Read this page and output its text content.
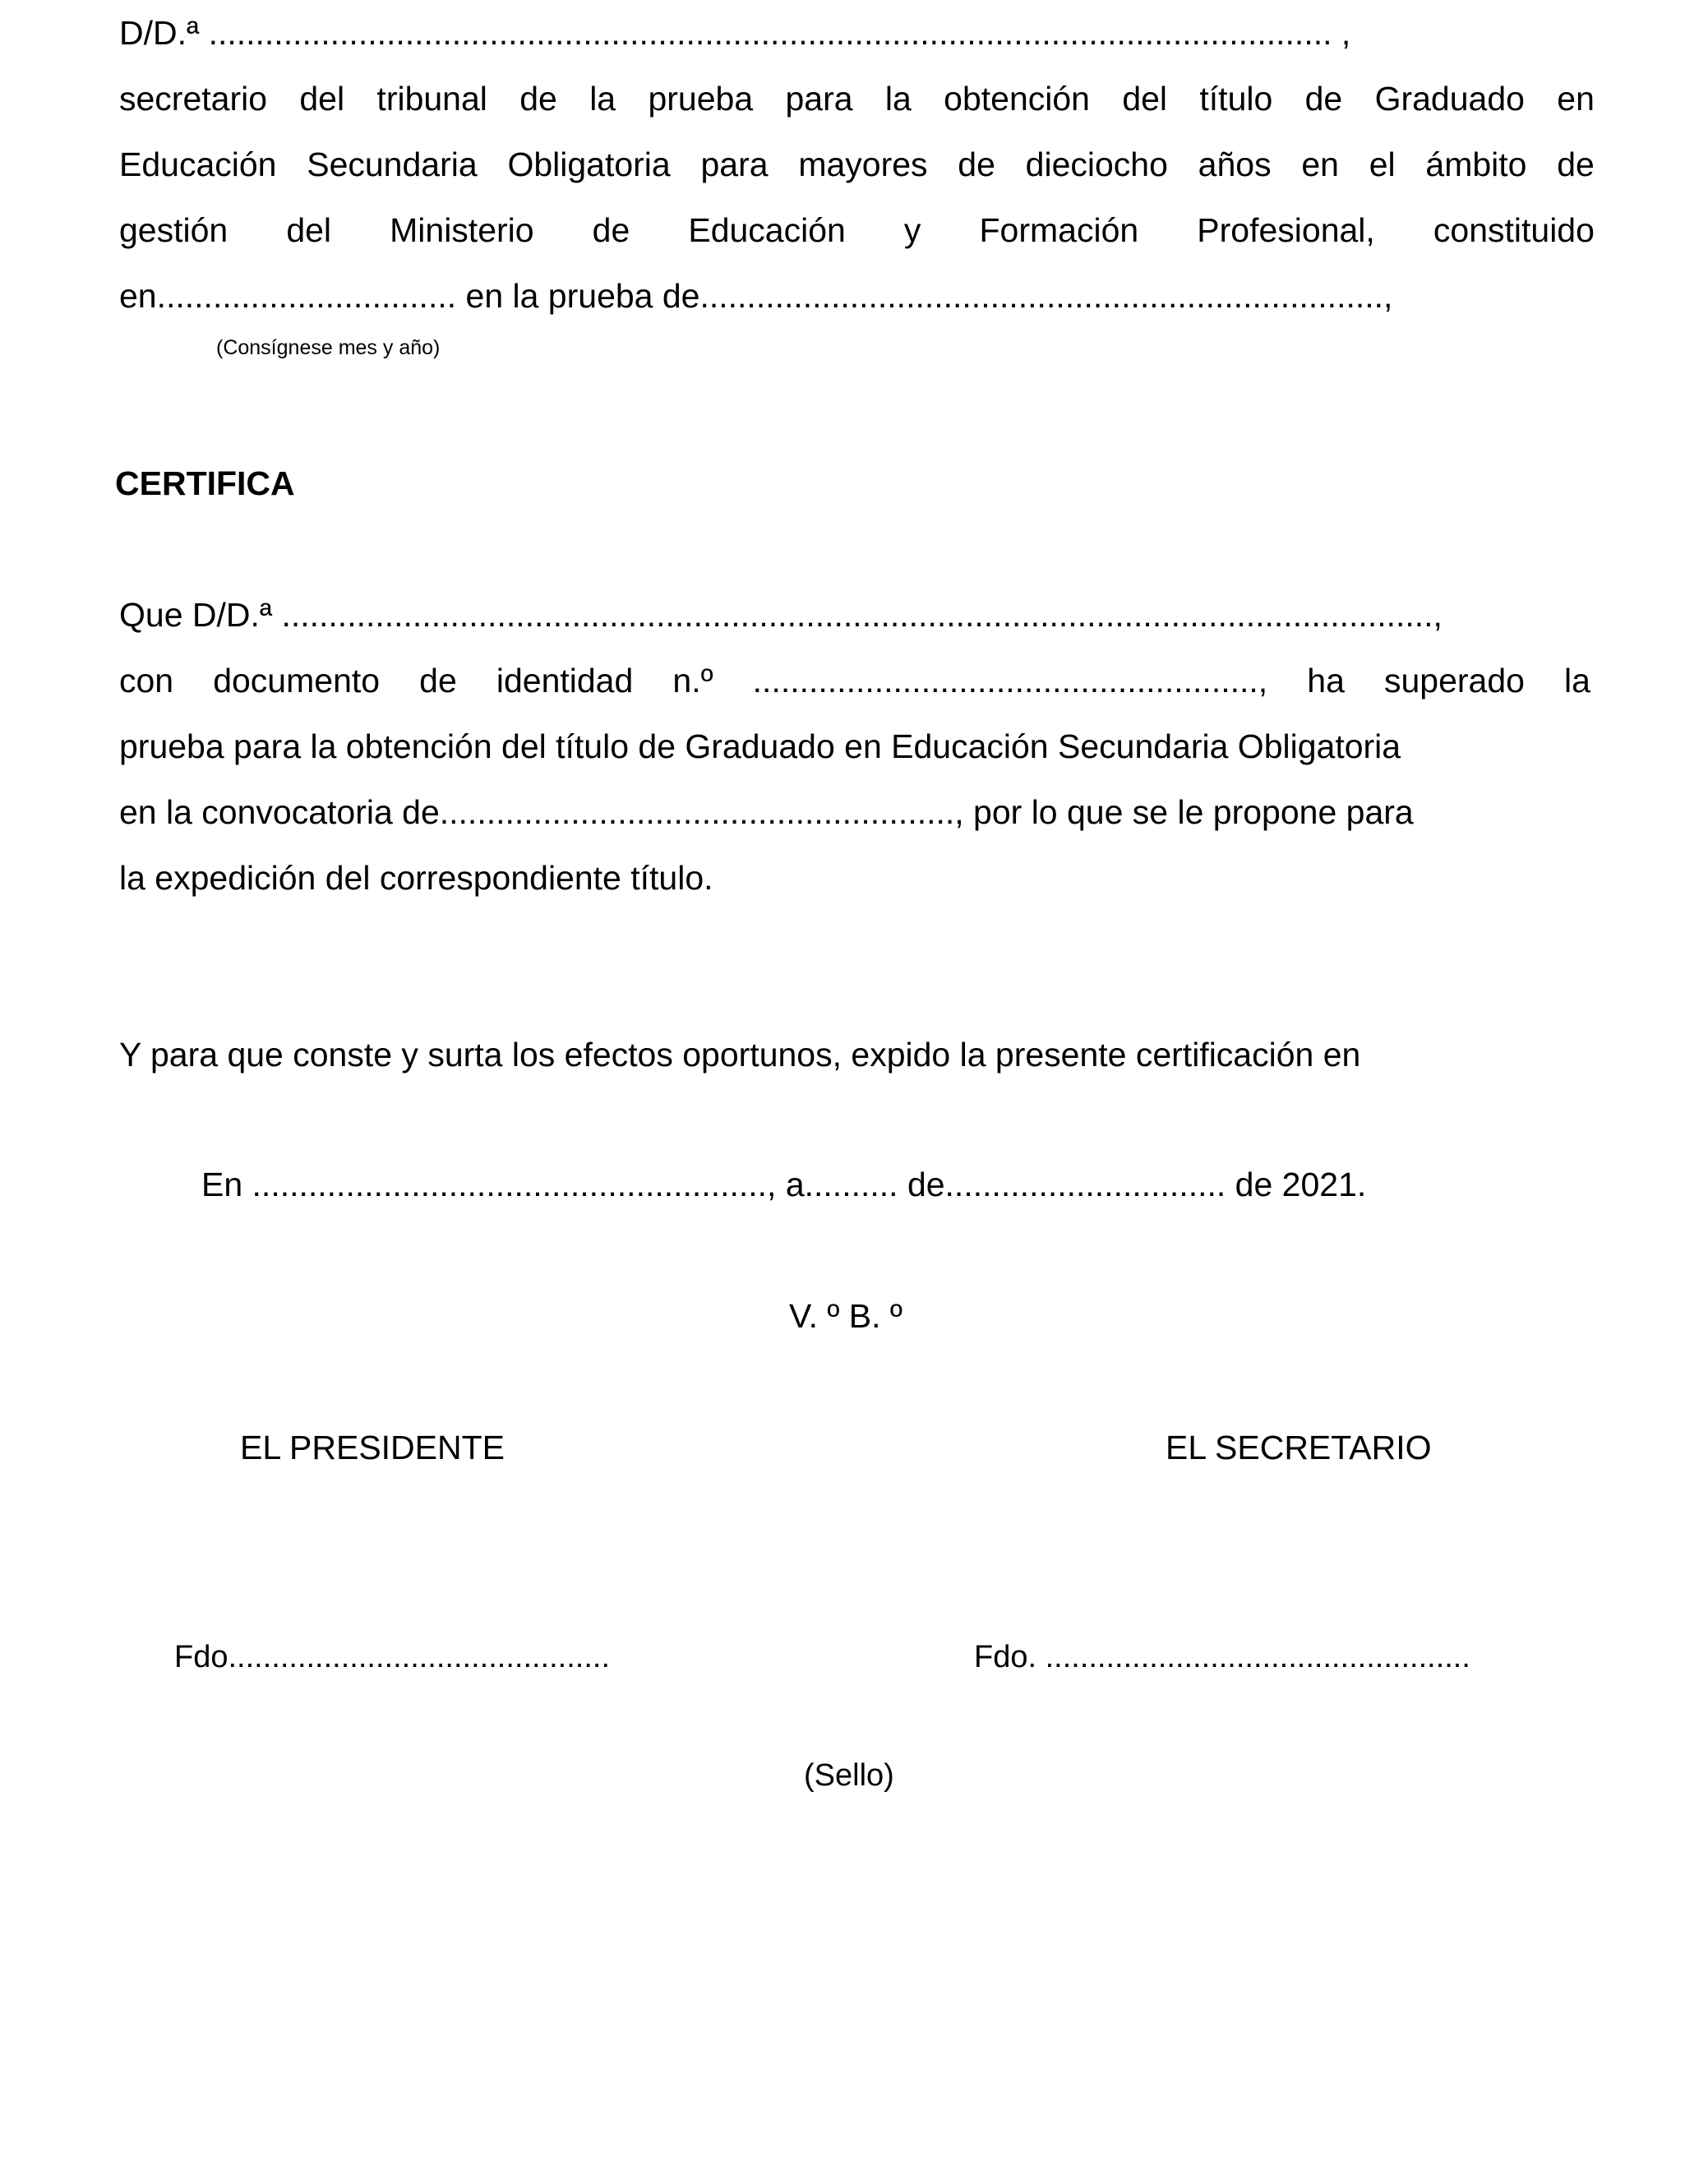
D/D.ª ........................................................................................................................ ,
secretario del tribunal de la prueba para la obtención del título de Graduado en
Educación Secundaria Obligatoria para mayores de dieciocho años en el ámbito de
gestión del Ministerio de Educación y Formación Profesional, constituido
en................................ en la prueba de.........................................................................,
(Consígnese mes y año)
CERTIFICA
Que D/D.ª ...........................................................................................................................,
con documento de identidad n.º ......................................................, ha superado la
prueba para la obtención del título de Graduado en Educación Secundaria Obligatoria
en la convocatoria de......................................................., por lo que se le propone para
la expedición del correspondiente título.
Y para que conste y surta los efectos oportunos, expido la presente certificación en
En ......................................................., a.......... de.............................. de 2021.
V. º B. º
EL PRESIDENTE	EL SECRETARIO
Fdo............................................	Fdo. .................................................
(Sello)
